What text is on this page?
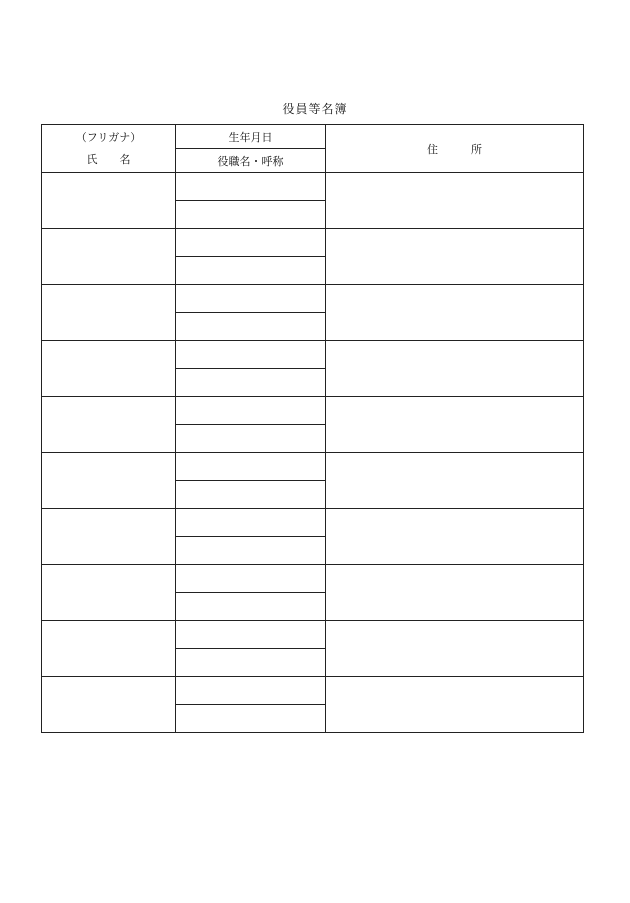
役員等名簿
（フリガナ）
氏　　名	生年月日	住　　　所
	役職名・呼称	
